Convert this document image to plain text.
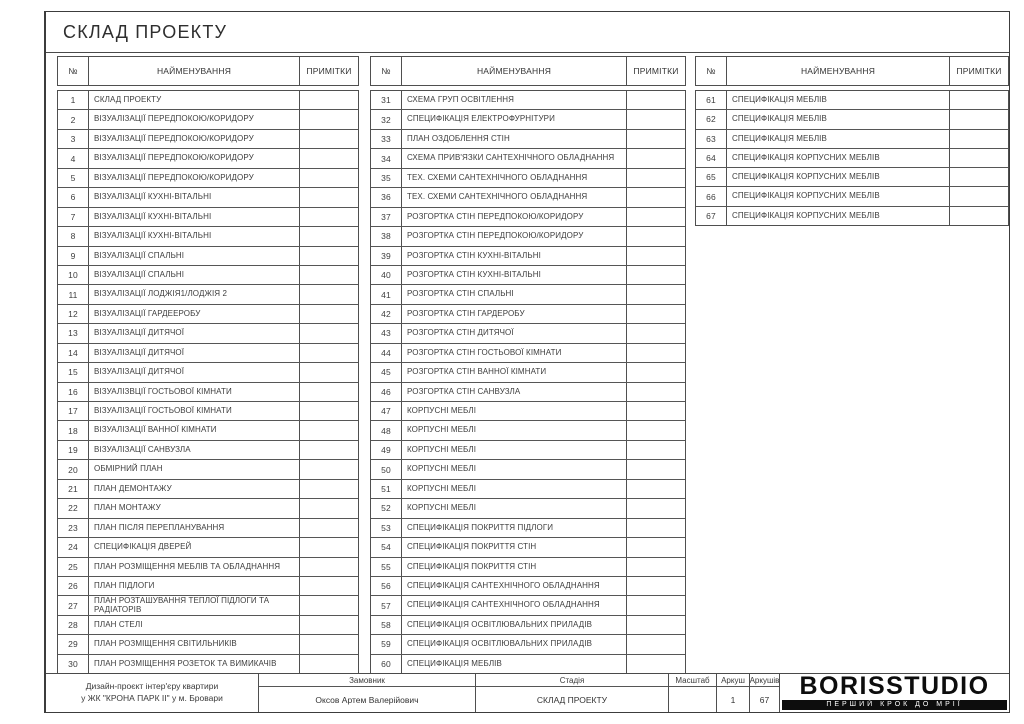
СКЛАД ПРОЕКТУ
№	НАЙМЕНУВАННЯ	ПРИМІТКИ
1	СКЛАД ПРОЕКТУ
2	ВІЗУАЛІЗАЦІЇ ПЕРЕДПОКОЮ/КОРИДОРУ
3	ВІЗУАЛІЗАЦІЇ ПЕРЕДПОКОЮ/КОРИДОРУ
4	ВІЗУАЛІЗАЦІЇ ПЕРЕДПОКОЮ/КОРИДОРУ
5	ВІЗУАЛІЗАЦІЇ ПЕРЕДПОКОЮ/КОРИДОРУ
6	ВІЗУАЛІЗАЦІЇ КУХНІ-ВІТАЛЬНІ
7	ВІЗУАЛІЗАЦІЇ КУХНІ-ВІТАЛЬНІ
8	ВІЗУАЛІЗАЦІЇ КУХНІ-ВІТАЛЬНІ
9	ВІЗУАЛІЗАЦІЇ СПАЛЬНІ
10	ВІЗУАЛІЗАЦІЇ СПАЛЬНІ
11	ВІЗУАЛІЗАЦІЇ ЛОДЖІЯ1/ЛОДЖІЯ 2
12	ВІЗУАЛІЗАЦІЇ ГАРДЕЕРОБУ
13	ВІЗУАЛІЗАЦІЇ ДИТЯЧОЇ
14	ВІЗУАЛІЗАЦІЇ ДИТЯЧОЇ
15	ВІЗУАЛІЗАЦІЇ ДИТЯЧОЇ
16	ВІЗУАЛІЗВЦІЇ ГОСТЬОВОЇ КІМНАТИ
17	ВІЗУАЛІЗАЦІЇ ГОСТЬОВОЇ КІМНАТИ
18	ВІЗУАЛІЗАЦІЇ ВАННОЇ КІМНАТИ
19	ВІЗУАЛІЗАЦІЇ САНВУЗЛА
20	ОБМІРНИЙ ПЛАН
21	ПЛАН ДЕМОНТАЖУ
22	ПЛАН МОНТАЖУ
23	ПЛАН ПІСЛЯ ПЕРЕПЛАНУВАННЯ
24	СПЕЦИФІКАЦІЯ ДВЕРЕЙ
25	ПЛАН РОЗМІЩЕННЯ МЕБЛІВ ТА ОБЛАДНАННЯ
26	ПЛАН ПІДЛОГИ
27	ПЛАН РОЗТАШУВАННЯ ТЕПЛОЇ ПІДЛОГИ ТА РАДІАТОРІВ
28	ПЛАН СТЕЛІ
29	ПЛАН РОЗМІЩЕННЯ СВІТИЛЬНИКІВ
30	ПЛАН РОЗМІЩЕННЯ РОЗЕТОК ТА ВИМИКАЧІВ
№	НАЙМЕНУВАННЯ	ПРИМІТКИ
31	СХЕМА ГРУП ОСВІТЛЕННЯ
32	СПЕЦИФІКАЦІЯ ЕЛЕКТРОФУРНІТУРИ
33	ПЛАН ОЗДОБЛЕННЯ СТІН
34	СХЕМА ПРИВ'ЯЗКИ САНТЕХНІЧНОГО ОБЛАДНАННЯ
35	ТЕХ. СХЕМИ САНТЕХНІЧНОГО ОБЛАДНАННЯ
36	ТЕХ. СХЕМИ САНТЕХНІЧНОГО ОБЛАДНАННЯ
37	РОЗГОРТКА СТІН ПЕРЕДПОКОЮ/КОРИДОРУ
38	РОЗГОРТКА СТІН ПЕРЕДПОКОЮ/КОРИДОРУ
39	РОЗГОРТКА СТІН КУХНІ-ВІТАЛЬНІ
40	РОЗГОРТКА СТІН КУХНІ-ВІТАЛЬНІ
41	РОЗГОРТКА СТІН СПАЛЬНІ
42	РОЗГОРТКА СТІН ГАРДЕРОБУ
43	РОЗГОРТКА СТІН ДИТЯЧОЇ
44	РОЗГОРТКА СТІН ГОСТЬОВОЇ КІМНАТИ
45	РОЗГОРТКА СТІН ВАННОЇ КІМНАТИ
46	РОЗГОРТКА СТІН САНВУЗЛА
47	КОРПУСНІ МЕБЛІ
48	КОРПУСНІ МЕБЛІ
49	КОРПУСНІ МЕБЛІ
50	КОРПУСНІ МЕБЛІ
51	КОРПУСНІ МЕБЛІ
52	КОРПУСНІ МЕБЛІ
53	СПЕЦИФІКАЦІЯ ПОКРИТТЯ ПІДЛОГИ
54	СПЕЦИФІКАЦІЯ ПОКРИТТЯ СТІН
55	СПЕЦИФІКАЦІЯ ПОКРИТТЯ СТІН
56	СПЕЦИФІКАЦІЯ САНТЕХНІЧНОГО ОБЛАДНАННЯ
57	СПЕЦИФІКАЦІЯ САНТЕХНІЧНОГО ОБЛАДНАННЯ
58	СПЕЦИФІКАЦІЯ ОСВІТЛЮВАЛЬНИХ ПРИЛАДІВ
59	СПЕЦИФІКАЦІЯ ОСВІТЛЮВАЛЬНИХ ПРИЛАДІВ
60	СПЕЦИФІКАЦІЯ МЕБЛІВ
№	НАЙМЕНУВАННЯ	ПРИМІТКИ
61	СПЕЦИФІКАЦІЯ МЕБЛІВ
62	СПЕЦИФІКАЦІЯ МЕБЛІВ
63	СПЕЦИФІКАЦІЯ МЕБЛІВ
64	СПЕЦИФІКАЦІЯ КОРПУСНИХ МЕБЛІВ
65	СПЕЦИФІКАЦІЯ КОРПУСНИХ МЕБЛІВ
66	СПЕЦИФІКАЦІЯ КОРПУСНИХ МЕБЛІВ
67	СПЕЦИФІКАЦІЯ КОРПУСНИХ МЕБЛІВ
Дизайн-проєкт інтер'єру квартири
у ЖК "КРОНА ПАРК ІІ" у м. Бровари
Замовник
Оксов Артем Валерійович
Стадія
СКЛАД ПРОЕКТУ
Масштаб	Аркуш
1
Аркушів
67	BORISSTUDIO
ПЕРШИЙ КРОК ДО МРІЇ
